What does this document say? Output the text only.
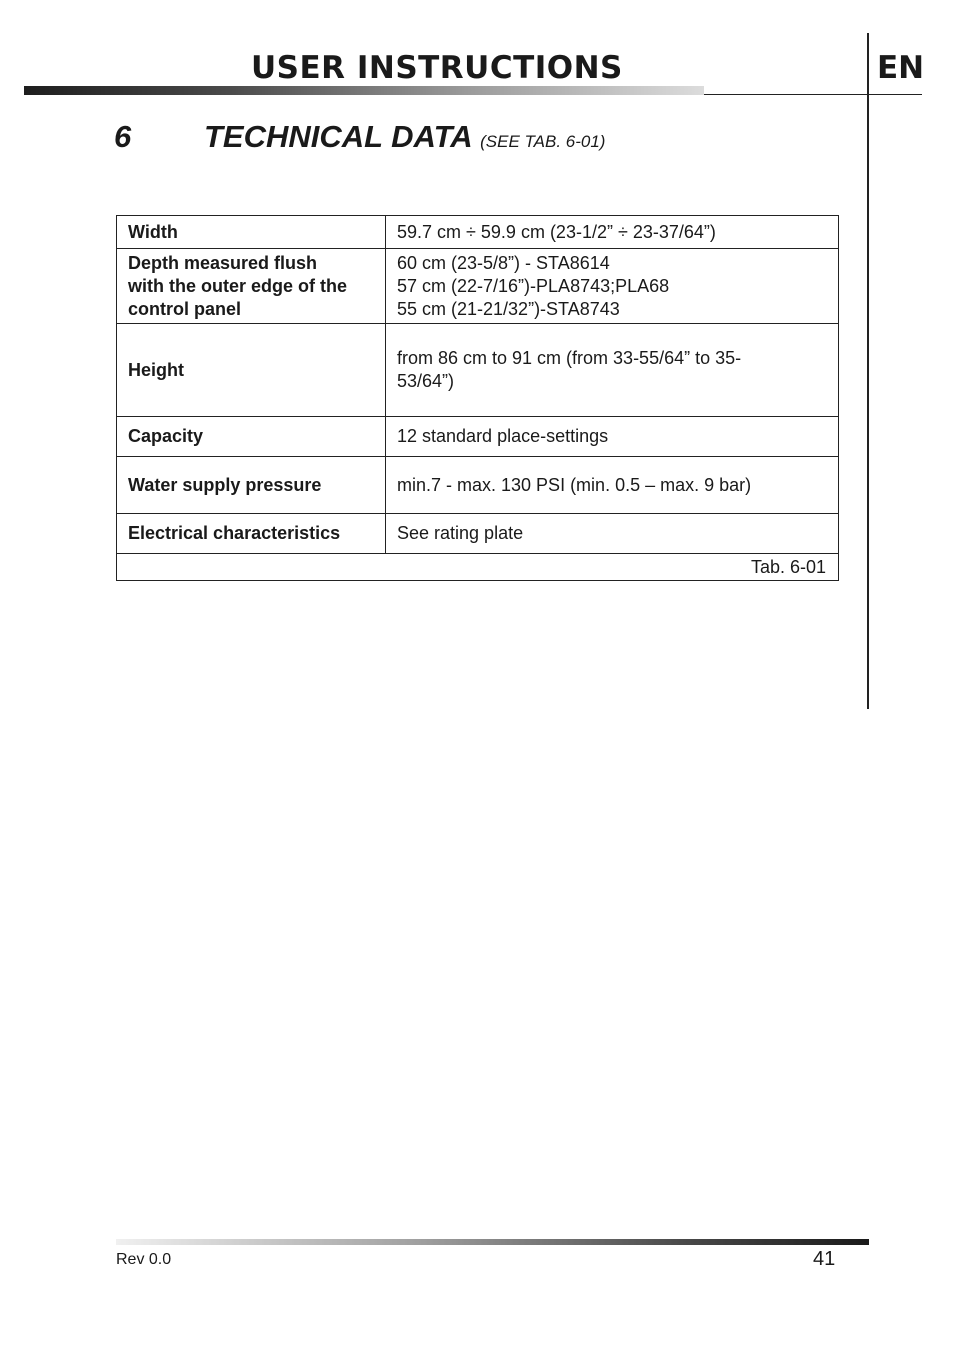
USER INSTRUCTIONS	EN
6 TECHNICAL DATA (SEE TAB. 6-01)
Width	59.7 cm ÷ 59.9 cm (23-1/2” ÷ 23-37/64”)

Depth measured flush
with the outer edge of the
control panel	60 cm (23-5/8”) - STA8614
57 cm (22-7/16”)-PLA8743;PLA68
55 cm (21-21/32”)-STA8743

Height	from 86 cm to 91 cm (from 33-55/64” to 35-
53/64”)

Capacity	12 standard place-settings

Water supply pressure	min.7 - max. 130 PSI (min. 0.5 – max. 9 bar)

Electrical characteristics	See rating plate

Tab. 6-01	
Rev 0.0	41
